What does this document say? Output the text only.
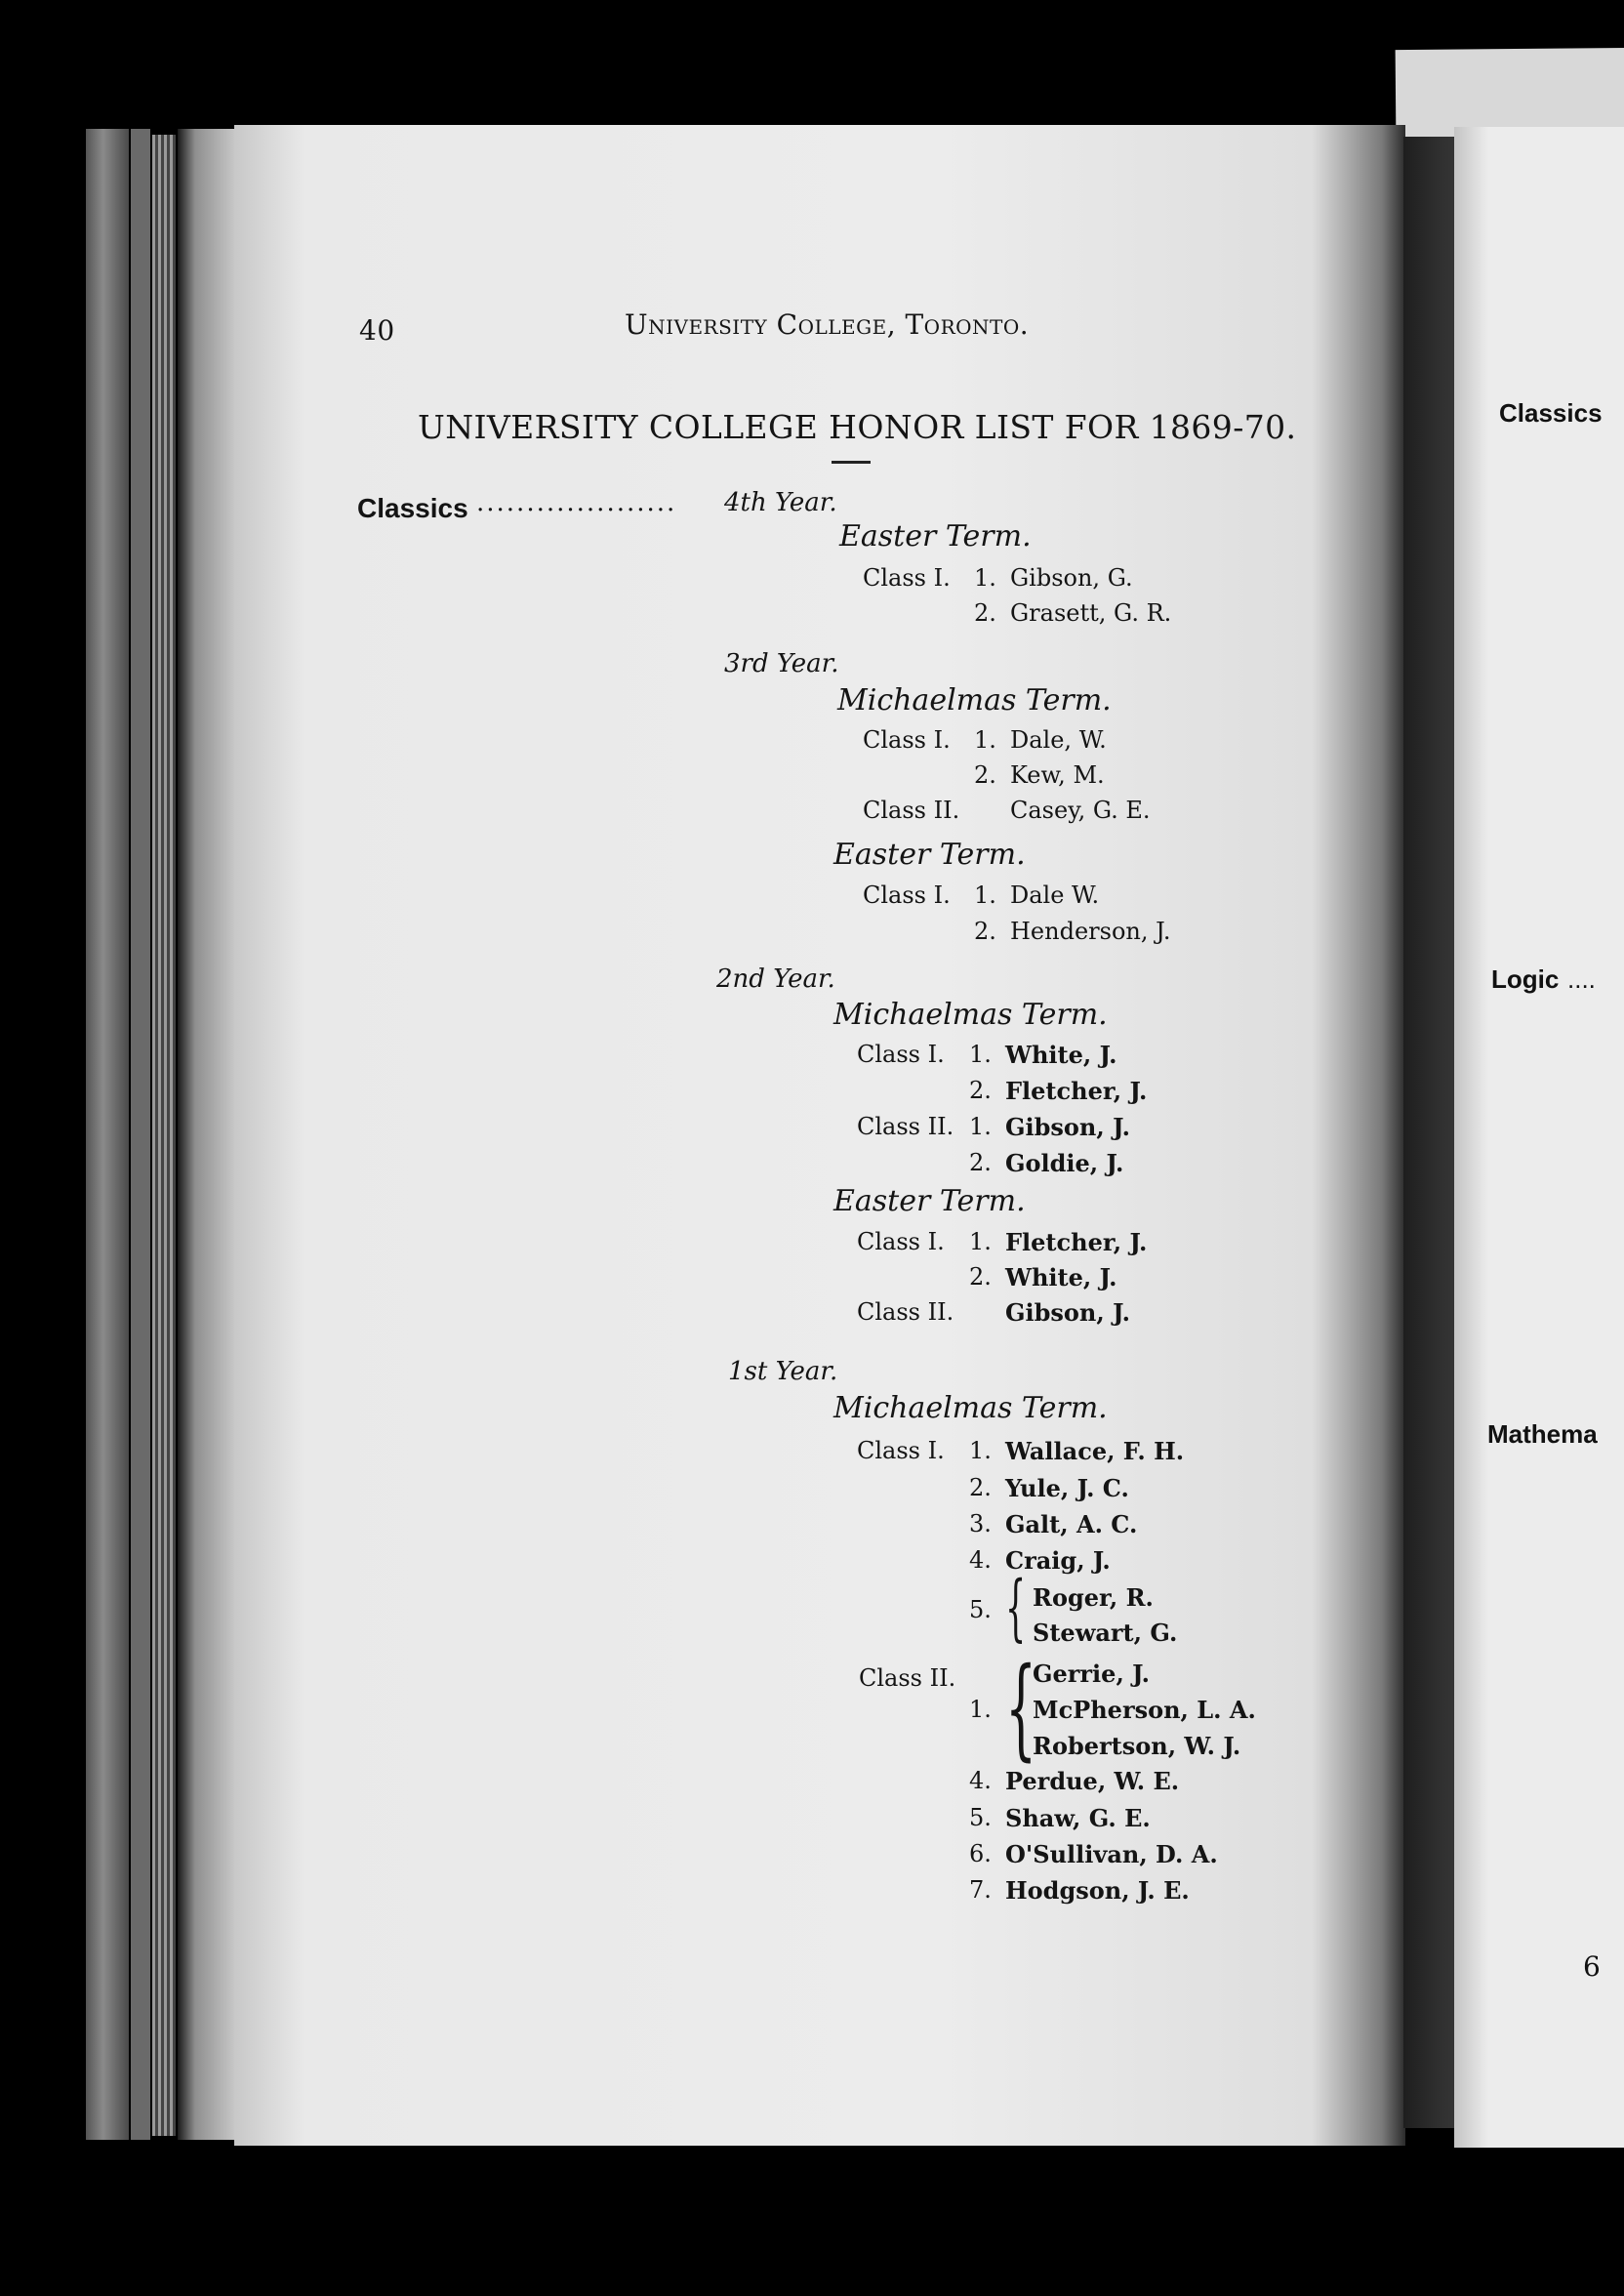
40	University College, Toronto.
UNIVERSITY COLLEGE HONOR LIST FOR 1869-70.
Classics .................... 4th Year.
Easter Term.
Class I. 1. Gibson, G.
2. Grasett, G. R.
3rd Year.
Michaelmas Term.
Class I. 1. Dale, W.
2. Kew, M.
Class II. Casey, G. E.
Easter Term.
Class I. 1. Dale W.
2. Henderson, J.
2nd Year.
Michaelmas Term.
Class I. 1. White, J.
2. Fletcher, J.
Class II. 1. Gibson, J.
2. Goldie, J.
Easter Term.
Class I. 1. Fletcher, J.
2. White, J.
Class II. Gibson, J.
1st Year.
Michaelmas Term.
Class I. 1. Wallace, F. H.
2. Yule, J. C.
3. Galt, A. C.
4. Craig, J.
5. { Roger, R.
Stewart, G.
Class II.
1. {
Gerrie, J.
McPherson, L. A.
Robertson, W. J.
4. Perdue, W. E.
5. Shaw, G. E.
6. O'Sullivan, D. A.
7. Hodgson, J. E.
Classics
Logic ....
Mathema
6
